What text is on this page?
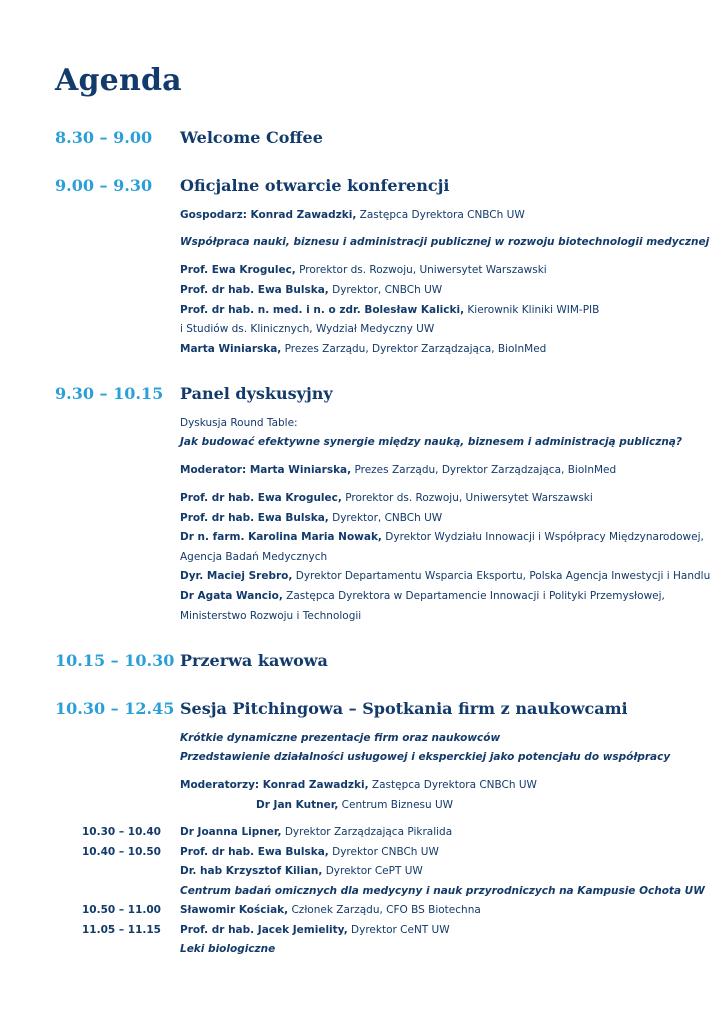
Agenda
8.30 – 9.00 Welcome Coffee
9.00 – 9.30 Oficjalne otwarcie konferencji
Gospodarz: Konrad Zawadzki, Zastępca Dyrektora CNBCh UW
Współpraca nauki, biznesu i administracji publicznej w rozwoju biotechnologii medycznej
Prof. Ewa Krogulec, Prorektor ds. Rozwoju, Uniwersytet Warszawski
Prof. dr hab. Ewa Bulska, Dyrektor, CNBCh UW
Prof. dr hab. n. med. i n. o zdr. Bolesław Kalicki, Kierownik Kliniki WIM-PIB
i Studiów ds. Klinicznych, Wydział Medyczny UW
Marta Winiarska, Prezes Zarządu, Dyrektor Zarządzająca, BioInMed
9.30 – 10.15 Panel dyskusyjny
Dyskusja Round Table:
Jak budować efektywne synergie między nauką, biznesem i administracją publiczną?
Moderator: Marta Winiarska, Prezes Zarządu, Dyrektor Zarządzająca, BioInMed
Prof. dr hab. Ewa Krogulec, Prorektor ds. Rozwoju, Uniwersytet Warszawski
Prof. dr hab. Ewa Bulska, Dyrektor, CNBCh UW
Dr n. farm. Karolina Maria Nowak, Dyrektor Wydziału Innowacji i Współpracy Międzynarodowej,
Agencja Badań Medycznych
Dyr. Maciej Srebro, Dyrektor Departamentu Wsparcia Eksportu, Polska Agencja Inwestycji i Handlu
Dr Agata Wancio, Zastępca Dyrektora w Departamencie Innowacji i Polityki Przemysłowej,
Ministerstwo Rozwoju i Technologii
10.15 – 10.30 Przerwa kawowa
10.30 – 12.45 Sesja Pitchingowa – Spotkania firm z naukowcami
Krótkie dynamiczne prezentacje firm oraz naukowców
Przedstawienie działalności usługowej i eksperckiej jako potencjału do współpracy
Moderatorzy: Konrad Zawadzki, Zastępca Dyrektora CNBCh UW
Dr Jan Kutner, Centrum Biznesu UW
10.30 – 10.40 Dr Joanna Lipner, Dyrektor Zarządzająca Pikralida
10.40 – 10.50 Prof. dr hab. Ewa Bulska, Dyrektor CNBCh UW
Dr. hab Krzysztof Kilian, Dyrektor CePT UW
Centrum badań omicznych dla medycyny i nauk przyrodniczych na Kampusie Ochota UW
10.50 – 11.00 Sławomir Kościak, Członek Zarządu, CFO BS Biotechna
11.05 – 11.15 Prof. dr hab. Jacek Jemielity, Dyrektor CeNT UW
Leki biologiczne
